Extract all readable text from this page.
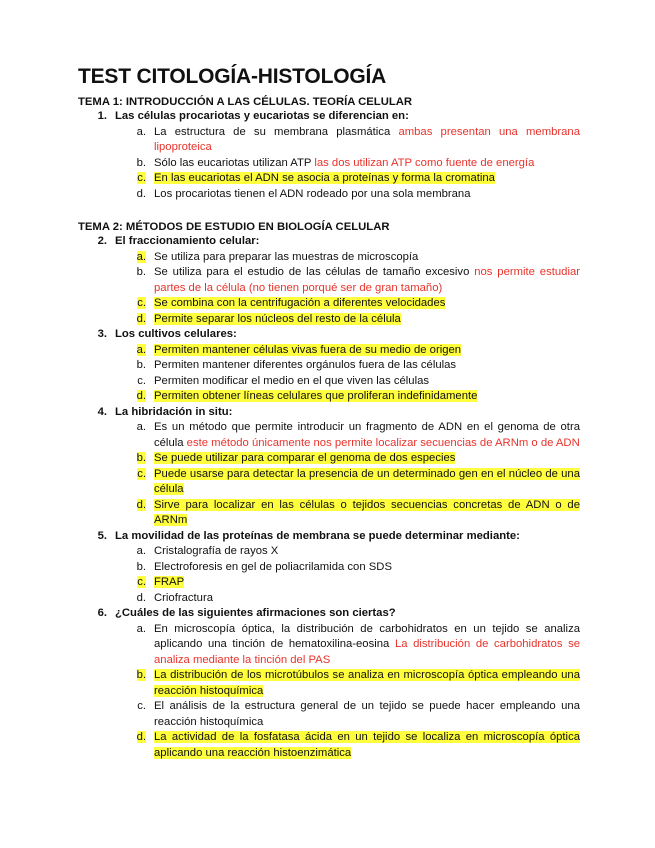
TEST CITOLOGÍA-HISTOLOGÍA
TEMA 1: INTRODUCCIÓN A LAS CÉLULAS. TEORÍA CELULAR
1. Las células procariotas y eucariotas se diferencian en:
a. La estructura de su membrana plasmática ambas presentan una membrana lipoproteica
b. Sólo las eucariotas utilizan ATP las dos utilizan ATP como fuente de energía
c. En las eucariotas el ADN se asocia a proteínas y forma la cromatina
d. Los procariotas tienen el ADN rodeado por una sola membrana
TEMA 2: MÉTODOS DE ESTUDIO EN BIOLOGÍA CELULAR
2. El fraccionamiento celular:
a. Se utiliza para preparar las muestras de microscopía
b. Se utiliza para el estudio de las células de tamaño excesivo nos permite estudiar partes de la célula (no tienen porqué ser de gran tamaño)
c. Se combina con la centrifugación a diferentes velocidades
d. Permite separar los núcleos del resto de la célula
3. Los cultivos celulares:
a. Permiten mantener células vivas fuera de su medio de origen
b. Permiten mantener diferentes orgánulos fuera de las células
c. Permiten modificar el medio en el que viven las células
d. Permiten obtener líneas celulares que proliferan indefinidamente
4. La hibridación in situ:
a. Es un método que permite introducir un fragmento de ADN en el genoma de otra célula este método únicamente nos permite localizar secuencias de ARNm o de ADN
b. Se puede utilizar para comparar el genoma de dos especies
c. Puede usarse para detectar la presencia de un determinado gen en el núcleo de una célula
d. Sirve para localizar en las células o tejidos secuencias concretas de ADN o de ARNm
5. La movilidad de las proteínas de membrana se puede determinar mediante:
a. Cristalografía de rayos X
b. Electroforesis en gel de poliacrilamida con SDS
c. FRAP
d. Criofractura
6. ¿Cuáles de las siguientes afirmaciones son ciertas?
a. En microscopía óptica, la distribución de carbohidratos en un tejido se analiza aplicando una tinción de hematoxilina-eosina La distribución de carbohidratos se analiza mediante la tinción del PAS
b. La distribución de los microtúbulos se analiza en microscopía óptica empleando una reacción histoquímica
c. El análisis de la estructura general de un tejido se puede hacer empleando una reacción histoquímica
d. La actividad de la fosfatasa ácida en un tejido se localiza en microscopía óptica aplicando una reacción histoenzimática
